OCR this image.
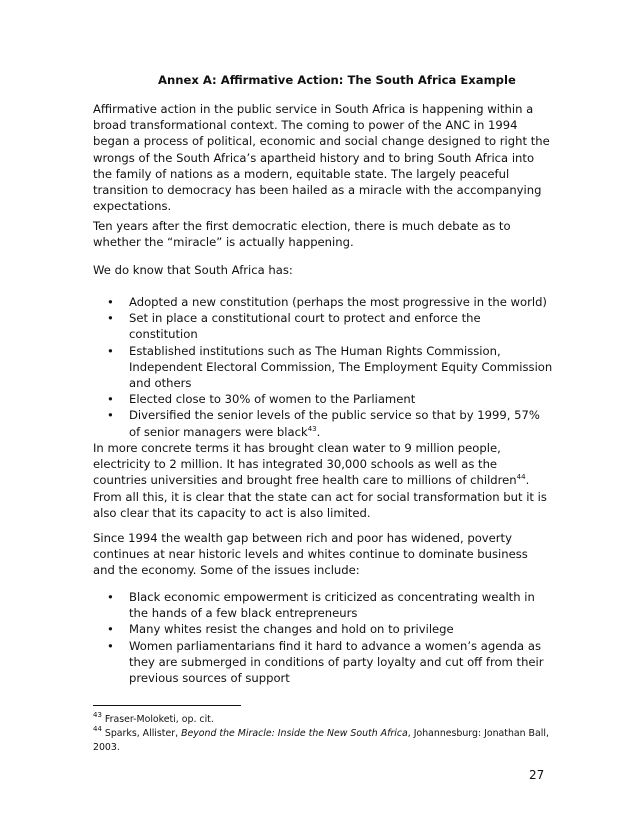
Annex A: Affirmative Action: The South Africa Example

Affirmative action in the public service in South Africa is happening within a broad transformational context. The coming to power of the ANC in 1994 began a process of political, economic and social change designed to right the wrongs of the South Africa’s apartheid history and to bring South Africa into the family of nations as a modern, equitable state. The largely peaceful transition to democracy has been hailed as a miracle with the accompanying expectations.

Ten years after the first democratic election, there is much debate as to whether the “miracle” is actually happening.

We do know that South Africa has:

• Adopted a new constitution (perhaps the most progressive in the world)
• Set in place a constitutional court to protect and enforce the constitution
• Established institutions such as The Human Rights Commission, Independent Electoral Commission, The Employment Equity Commission and others
• Elected close to 30% of women to the Parliament
• Diversified the senior levels of the public service so that by 1999, 57% of senior managers were black$^{43}$.

In more concrete terms it has brought clean water to 9 million people, electricity to 2 million. It has integrated 30,000 schools as well as the countries universities and brought free health care to millions of children$^{44}$. From all this, it is clear that the state can act for social transformation but it is also clear that its capacity to act is also limited.

Since 1994 the wealth gap between rich and poor has widened, poverty continues at near historic levels and whites continue to dominate business and the economy. Some of the issues include:

• Black economic empowerment is criticized as concentrating wealth in the hands of a few black entrepreneurs
• Many whites resist the changes and hold on to privilege
• Women parliamentarians find it hard to advance a women’s agenda as they are submerged in conditions of party loyalty and cut off from their previous sources of support

$^{43}$ Fraser-Moloketi, op. cit.

$^{44}$ Sparks, Allister, Beyond the Miracle: Inside the New South Africa, Johannesburg: Jonathan Ball, 2003.

27
